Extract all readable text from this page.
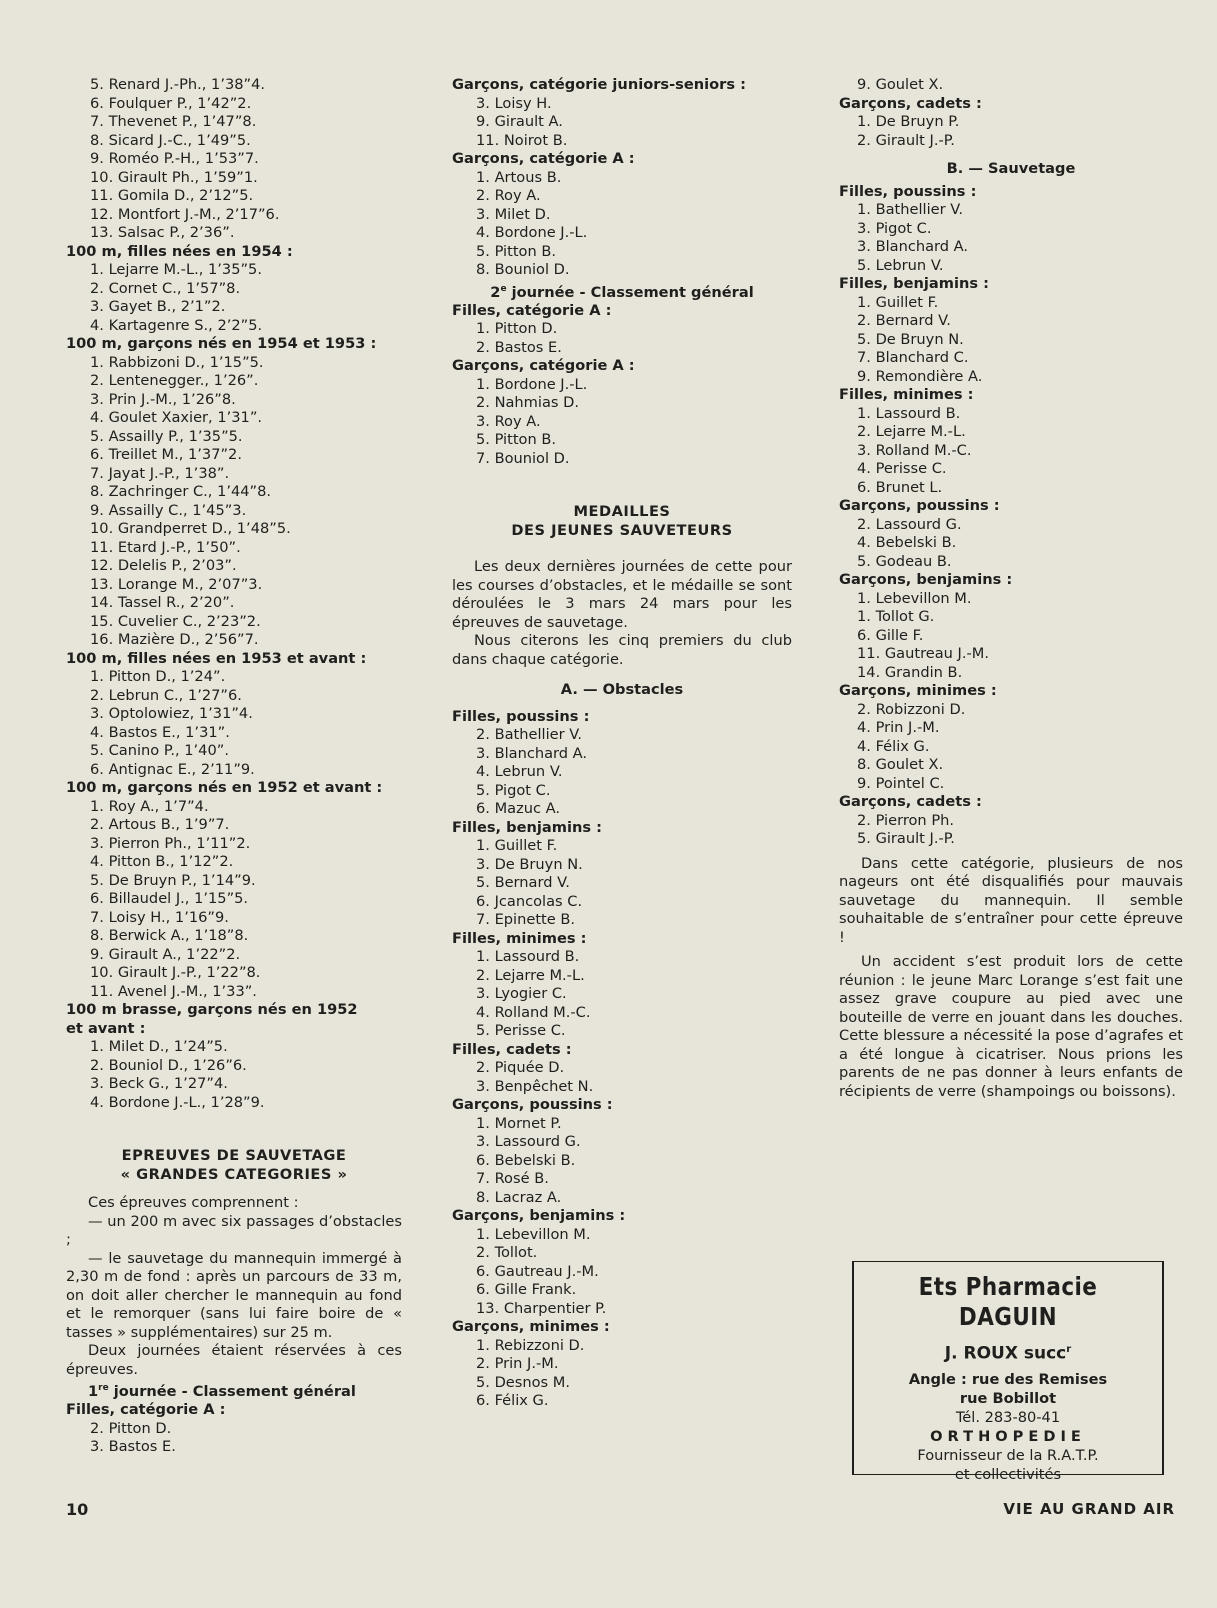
5. Renard J.-Ph., 1’38”4.
6. Foulquer P., 1’42”2.
7. Thevenet P., 1’47”8.
8. Sicard J.-C., 1’49”5.
9. Roméo P.-H., 1’53”7.
10. Girault Ph., 1’59”1.
11. Gomila D., 2’12”5.
12. Montfort J.-M., 2’17”6.
13. Salsac P., 2’36”.
100 m, filles nées en 1954 :
1. Lejarre M.-L., 1’35”5.
2. Cornet C., 1’57”8.
3. Gayet B., 2’1”2.
4. Kartagenre S., 2’2”5.
100 m, garçons nés en 1954 et 1953 :
1. Rabbizoni D., 1’15”5.
2. Lentenegger., 1’26”.
3. Prin J.-M., 1’26”8.
4. Goulet Xaxier, 1’31”.
5. Assailly P., 1’35”5.
6. Treillet M., 1’37”2.
7. Jayat J.-P., 1’38”.
8. Zachringer C., 1’44”8.
9. Assailly C., 1’45”3.
10. Grandperret D., 1’48”5.
11. Etard J.-P., 1’50”.
12. Delelis P., 2’03”.
13. Lorange M., 2’07”3.
14. Tassel R., 2’20”.
15. Cuvelier C., 2’23”2.
16. Mazière D., 2’56”7.
100 m, filles nées en 1953 et avant :
1. Pitton D., 1’24”.
2. Lebrun C., 1’27”6.
3. Optolowiez, 1’31”4.
4. Bastos E., 1’31”.
5. Canino P., 1’40”.
6. Antignac E., 2’11”9.
100 m, garçons nés en 1952 et avant :
1. Roy A., 1’7”4.
2. Artous B., 1’9”7.
3. Pierron Ph., 1’11”2.
4. Pitton B., 1’12”2.
5. De Bruyn P., 1’14”9.
6. Billaudel J., 1’15”5.
7. Loisy H., 1’16”9.
8. Berwick A., 1’18”8.
9. Girault A., 1’22”2.
10. Girault J.-P., 1’22”8.
11. Avenel J.-M., 1’33”.
100 m brasse, garçons nés en 1952
et avant :
1. Milet D., 1’24”5.
2. Bouniol D., 1’26”6.
3. Beck G., 1’27”4.
4. Bordone J.-L., 1’28”9.
EPREUVES DE SAUVETAGE
« GRANDES CATEGORIES »

Ces épreuves comprennent :

— un 200 m avec six passages d’obstacles ;

— le sauvetage du mannequin immergé à 2,30 m de fond : après un parcours de 33 m, on doit aller chercher le mannequin au fond et le remorquer (sans lui faire boire de « tasses » supplémentaires) sur 25 m.

Deux journées étaient réservées à ces épreuves.

1re journée - Classement général
Filles, catégorie A :
2. Pitton D.
3. Bastos E.
Garçons, catégorie juniors-seniors :
3. Loisy H.
9. Girault A.
11. Noirot B.
Garçons, catégorie A :
1. Artous B.
2. Roy A.
3. Milet D.
4. Bordone J.-L.
5. Pitton B.
8. Bouniol D.
2e journée - Classement général
Filles, catégorie A :
1. Pitton D.
2. Bastos E.
Garçons, catégorie A :
1. Bordone J.-L.
2. Nahmias D.
3. Roy A.
5. Pitton B.
7. Bouniol D.
MEDAILLES
DES JEUNES SAUVETEURS

Les deux dernières journées de cette pour les courses d’obstacles, et le médaille se sont déroulées le 3 mars 24 mars pour les épreuves de sauvetage.

Nous citerons les cinq premiers du club dans chaque catégorie.

A. — Obstacles
Filles, poussins :
2. Bathellier V.
3. Blanchard A.
4. Lebrun V.
5. Pigot C.
6. Mazuc A.
Filles, benjamins :
1. Guillet F.
3. De Bruyn N.
5. Bernard V.
6. Jcancolas C.
7. Epinette B.
Filles, minimes :
1. Lassourd B.
2. Lejarre M.-L.
3. Lyogier C.
4. Rolland M.-C.
5. Perisse C.
Filles, cadets :
2. Piquée D.
3. Benpêchet N.
Garçons, poussins :
1. Mornet P.
3. Lassourd G.
6. Bebelski B.
7. Rosé B.
8. Lacraz A.
Garçons, benjamins :
1. Lebevillon M.
2. Tollot.
6. Gautreau J.-M.
6. Gille Frank.
13. Charpentier P.
Garçons, minimes :
1. Rebizzoni D.
2. Prin J.-M.
5. Desnos M.
6. Félix G.
9. Goulet X.
Garçons, cadets :
1. De Bruyn P.
2. Girault J.-P.
B. — Sauvetage
Filles, poussins :
1. Bathellier V.
3. Pigot C.
3. Blanchard A.
5. Lebrun V.
Filles, benjamins :
1. Guillet F.
2. Bernard V.
5. De Bruyn N.
7. Blanchard C.
9. Remondière A.
Filles, minimes :
1. Lassourd B.
2. Lejarre M.-L.
3. Rolland M.-C.
4. Perisse C.
6. Brunet L.
Garçons, poussins :
2. Lassourd G.
4. Bebelski B.
5. Godeau B.
Garçons, benjamins :
1. Lebevillon M.
1. Tollot G.
6. Gille F.
11. Gautreau J.-M.
14. Grandin B.
Garçons, minimes :
2. Robizzoni D.
4. Prin J.-M.
4. Félix G.
8. Goulet X.
9. Pointel C.
Garçons, cadets :
2. Pierron Ph.
5. Girault J.-P.

Dans cette catégorie, plusieurs de nos nageurs ont été disqualifiés pour mauvais sauvetage du mannequin. Il semble souhaitable de s’entraîner pour cette épreuve !

Un accident s’est produit lors de cette réunion : le jeune Marc Lorange s’est fait une assez grave coupure au pied avec une bouteille de verre en jouant dans les douches. Cette blessure a nécessité la pose d’agrafes et a été longue à cicatriser. Nous prions les parents de ne pas donner à leurs enfants de récipients de verre (shampoings ou boissons).

Ets Pharmacie DAGUIN
J. ROUX succ$^r$
Angle : rue des Remises
rue Bobillot
Tél. 283-80-41
ORTHOPEDIE
Fournisseur de la R.A.T.P.
et collectivités
10	VIE AU GRAND AIR
